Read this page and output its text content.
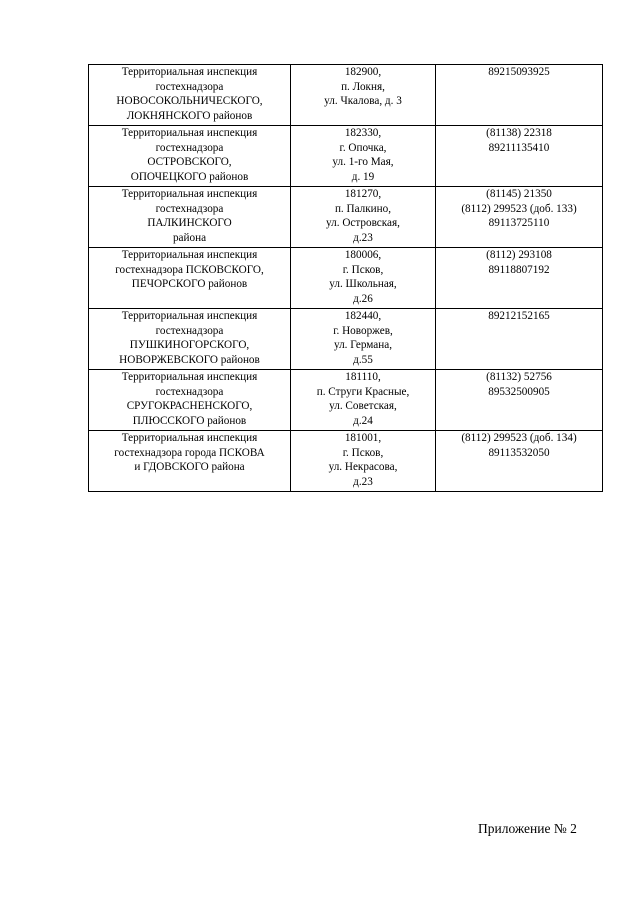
Территориальная инспекция
гостехнадзора
НОВОСОКОЛЬНИЧЕСКОГО,
ЛОКНЯНСКОГО районов	182900,
п. Локня,
ул. Чкалова, д. 3	89215093925

Территориальная инспекция
гостехнадзора
ОСТРОВСКОГО,
ОПОЧЕЦКОГО районов	182330,
г. Опочка,
ул. 1-го Мая,
д. 19	(81138) 22318
89211135410

Территориальная инспекция
гостехнадзора
ПАЛКИНСКОГО
района	181270,
п. Палкино,
ул. Островская,
д.23	(81145) 21350
(8112) 299523 (доб. 133)
89113725110

Территориальная инспекция
гостехнадзора ПСКОВСКОГО,
ПЕЧОРСКОГО районов	180006,
г. Псков,
ул. Школьная,
д.26	(8112) 293108
89118807192

Территориальная инспекция
гостехнадзора
ПУШКИНОГОРСКОГО,
НОВОРЖЕВСКОГО районов	182440,
г. Новоржев,
ул. Германа,
д.55	89212152165

Территориальная инспекция
гостехнадзора
СРУГОКРАСНЕНСКОГО,
ПЛЮССКОГО районов	181110,
п. Струги Красные,
ул. Советская,
д.24	(81132) 52756
89532500905

Территориальная инспекция
гостехнадзора города ПСКОВА
и ГДОВСКОГО района	181001,
г. Псков,
ул. Некрасова,
д.23	(8112) 299523 (доб. 134)
89113532050
Приложение № 2
